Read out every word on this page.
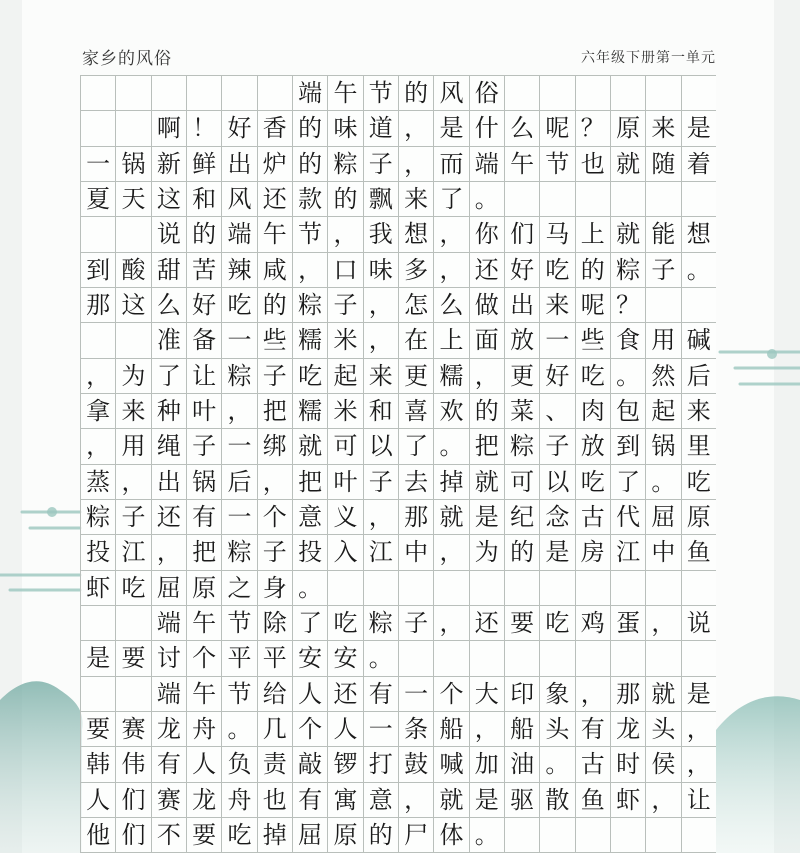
家乡的风俗	六年级下册第一单元
端 午 节 的 风 俗
啊 ！ 好 香 的 味 道 ， 是 什 么 呢 ？ 原 来 是
一 锅 新 鲜 出 炉 的 粽 子 ， 而 端 午 节 也 就 随 着
夏 天 这 和 风 还 款 的 飘 来 了 。
说 的 端 午 节 ， 我 想 ， 你 们 马 上 就 能 想
到 酸 甜 苦 辣 咸 ， 口 味 多 ， 还 好 吃 的 粽 子 。
那 这 么 好 吃 的 粽 子 ， 怎 么 做 出 来 呢 ？
准 备 一 些 糯 米 ， 在 上 面 放 一 些 食 用 碱
， 为 了 让 粽 子 吃 起 来 更 糯 ， 更 好 吃 。 然 后
拿 来 种 叶 ， 把 糯 米 和 喜 欢 的 菜 、 肉 包 起 来
， 用 绳 子 一 绑 就 可 以 了 。 把 粽 子 放 到 锅 里
蒸 ， 出 锅 后 ， 把 叶 子 去 掉 就 可 以 吃 了 。 吃
粽 子 还 有 一 个 意 义 ， 那 就 是 纪 念 古 代 屈 原
投 江 ， 把 粽 子 投 入 江 中 ， 为 的 是 房 江 中 鱼
虾 吃 屈 原 之 身 。
端 午 节 除 了 吃 粽 子 ， 还 要 吃 鸡 蛋 ， 说
是 要 讨 个 平 平 安 安 。
端 午 节 给 人 还 有 一 个 大 印 象 ， 那 就 是
要 赛 龙 舟 。 几 个 人 一 条 船 ， 船 头 有 龙 头 ，
韩 伟 有 人 负 责 敲 锣 打 鼓 喊 加 油 。 古 时 侯 ，
人 们 赛 龙 舟 也 有 寓 意 ， 就 是 驱 散 鱼 虾 ， 让
他 们 不 要 吃 掉 屈 原 的 尸 体 。
